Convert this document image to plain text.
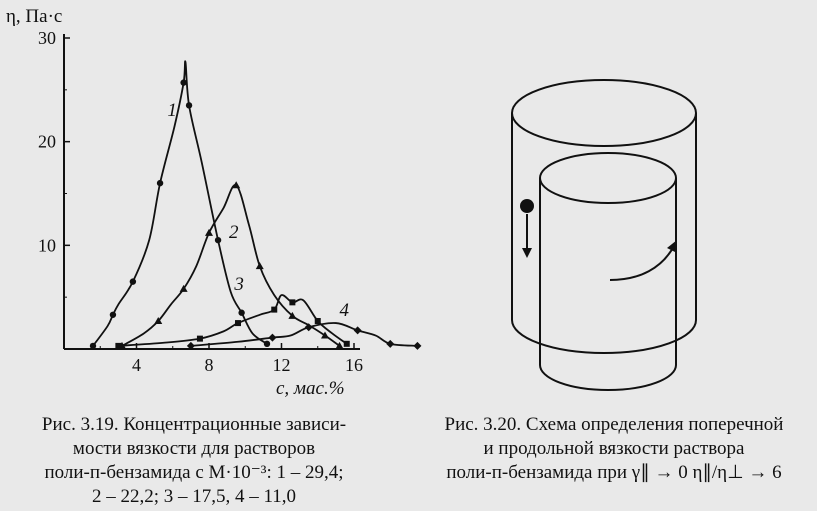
4	8	12	16
10
20
30
1
2
3
4
η, Па·с
c, мас.%
Рис. 3.19. Концентрационные зависи-
мости вязкости для растворов
поли-п-бензамида с M·10⁻³: 1 – 29,4;
2 – 22,2; 3 – 17,5, 4 – 11,0
Рис. 3.20. Схема определения поперечной
и продольной вязкости раствора
поли-п-бензамида при γ∥ → 0 η∥/η⊥ → 6
